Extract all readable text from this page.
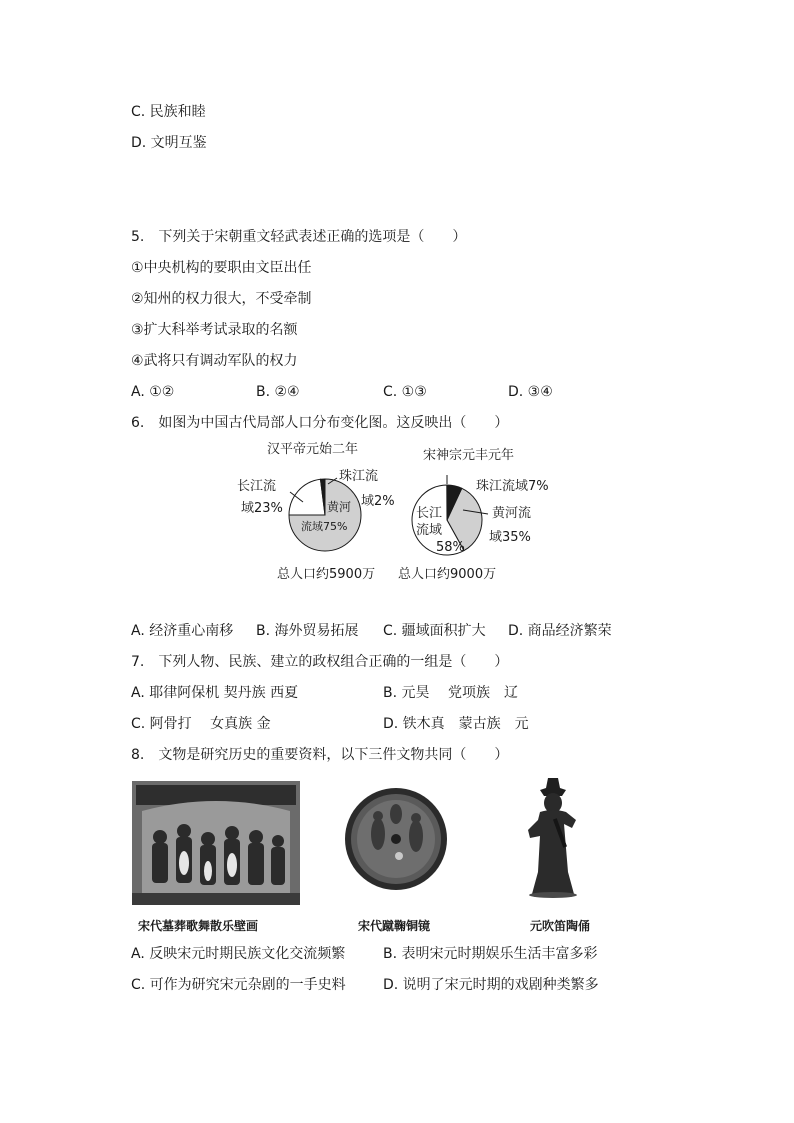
C. 民族和睦
D. 文明互鉴
5.　下列关于宋朝重文轻武表述正确的选项是（　　）
①中央机构的要职由文臣出任
②知州的权力很大，不受牵制
③扩大科举考试录取的名额
④武将只有调动军队的权力
A. ①②	B. ②④	C. ①③	D. ③④
6.　如图为中国古代局部人口分布变化图。这反映出（　　）
汉平帝元始二年
长江流
域23%
珠江流
域2%
黄河
流域75%
总人口约5900万
宋神宗元丰元年
珠江流域7%
黄河流
域35%
长江
流域
58%
总人口约9000万
A. 经济重心南移 B. 海外贸易拓展 C. 疆域面积扩大 D. 商品经济繁荣
7.　下列人物、民族、建立的政权组合正确的一组是（　　）
A. 耶律阿保机 契丹族 西夏	B. 元昊　 党项族　辽
C. 阿骨打　 女真族 金	D. 铁木真　蒙古族　元
8.　文物是研究历史的重要资料，以下三件文物共同（　　）
宋代墓葬歌舞散乐壁画	宋代蹴鞠铜镜	元吹笛陶俑
A. 反映宋元时期民族文化交流频繁	B. 表明宋元时期娱乐生活丰富多彩
C. 可作为研究宋元杂剧的一手史料	D. 说明了宋元时期的戏剧种类繁多
